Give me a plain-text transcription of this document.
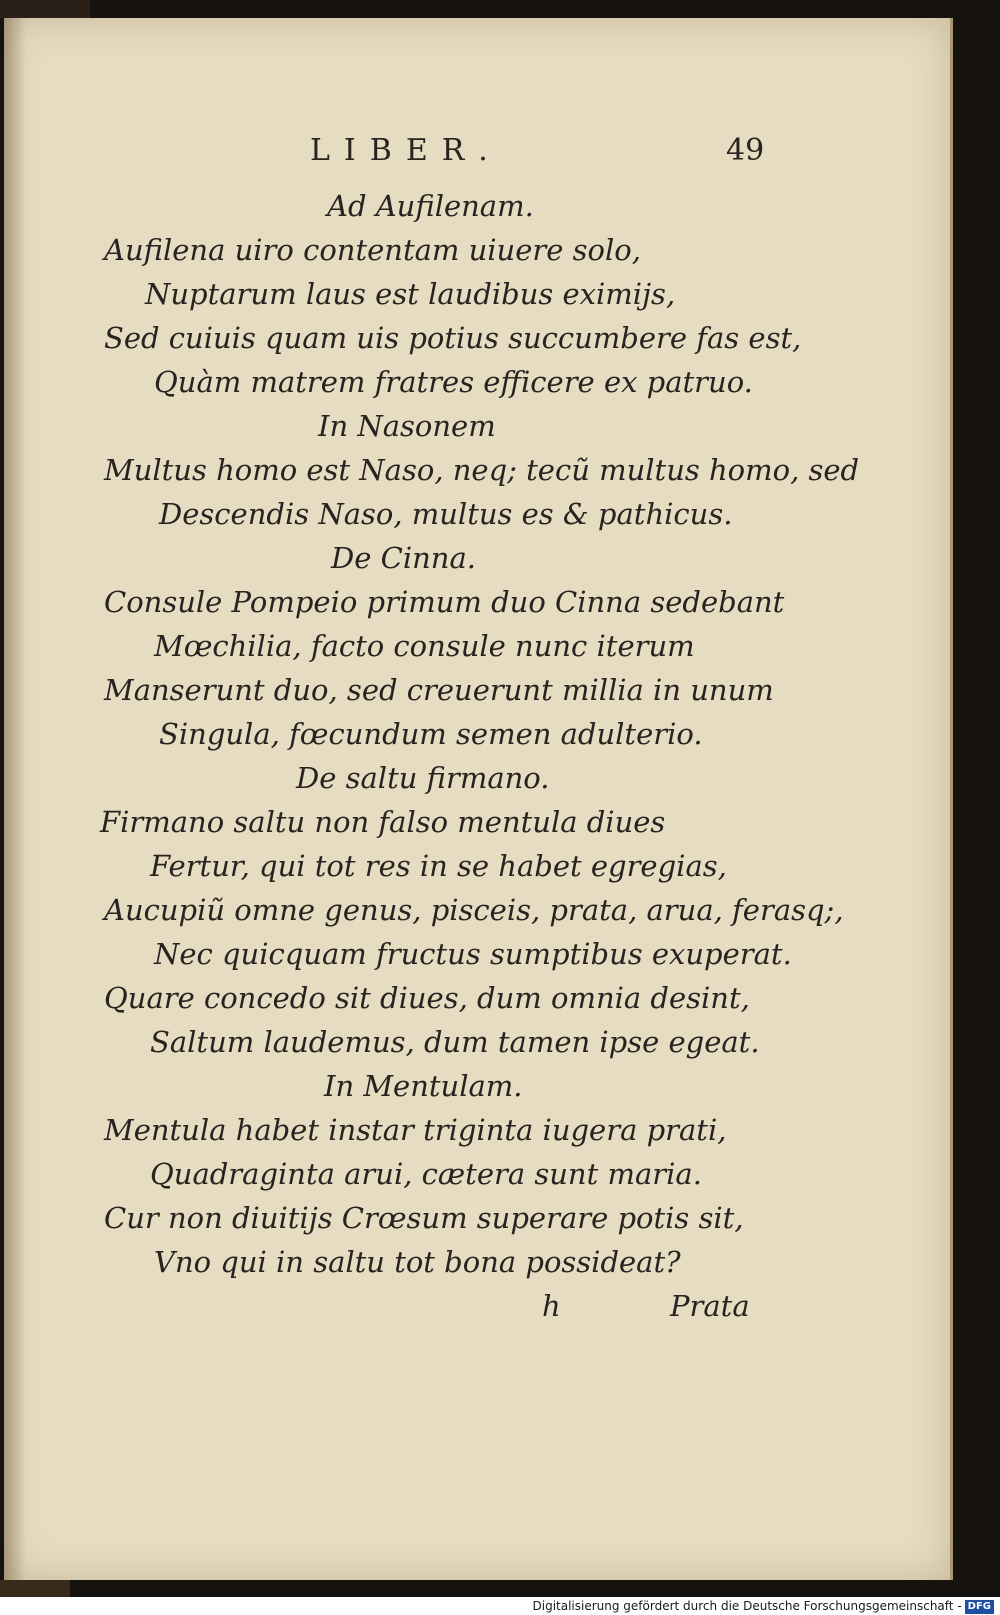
LIBER.	49
Ad Aufilenam.
Aufilena uiro contentam uiuere solo,
Nuptarum laus est laudibus eximijs,
Sed cuiuis quam uis potius succumbere fas est,
Quàm matrem fratres efficere ex patruo.
In Nasonem
Multus homo est Naso, neq; tecũ multus homo, sed
Descendis Naso, multus es & pathicus.
De Cinna.
Consule Pompeio primum duo Cinna sedebant
Mœchilia, facto consule nunc iterum
Manserunt duo, sed creuerunt millia in unum
Singula, fœcundum semen adulterio.
De saltu firmano.
Firmano saltu non falso mentula diues
Fertur, qui tot res in se habet egregias,
Aucupiũ omne genus, pisceis, prata, arua, ferasq;,
Nec quicquam fructus sumptibus exuperat.
Quare concedo sit diues, dum omnia desint,
Saltum laudemus, dum tamen ipse egeat.
In Mentulam.
Mentula habet instar triginta iugera prati,
Quadraginta arui, cætera sunt maria.
Cur non diuitijs Crœsum superare potis sit,
Vno qui in saltu tot bona possideat?
h	Prata
Digitalisierung gefördert durch die Deutsche Forschungsgemeinschaft - DFG
